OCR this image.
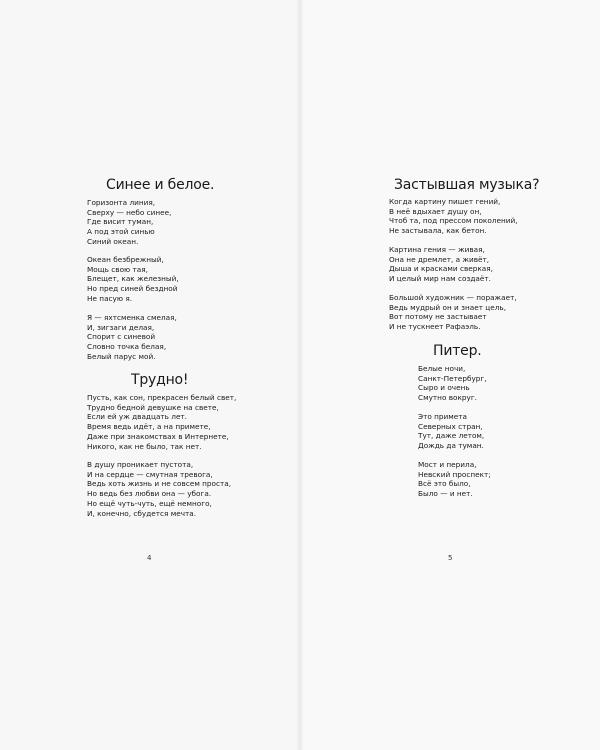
Синее и белое.
Горизонта линия,
Сверху — небо синее,
Где висит туман,
А под этой синью
Синий океан.
Океан безбрежный,
Мощь свою тая,
Блещет, как железный,
Но пред синей бездной
Не пасую я.
Я — яхтсменка смелая,
И, зигзаги делая,
Спорит с синевой
Словно точка белая,
Белый парус мой.
Трудно!
Пусть, как сон, прекрасен белый свет,
Трудно бедной девушке на свете,
Если ей уж двадцать лет.
Время ведь идёт, а на примете,
Даже при знакомствах в Интернете,
Никого, как не было, так нет.
В душу проникает пустота,
И на сердце — смутная тревога,
Ведь хоть жизнь и не совсем проста,
Но ведь без любви она — убога.
Но ещё чуть-чуть, ещё немного,
И, конечно, сбудется мечта.
4
Застывшая музыка?
Когда картину пишет гений,
В неё вдыхает душу он,
Чтоб та, под прессом поколений,
Не застывала, как бетон.
Картина гения — живая,
Она не дремлет, а живёт,
Дыша и красками сверкая,
И целый мир нам создаёт.
Большой художник — поражает,
Ведь мудрый он и знает цель,
Вот потому не застывает
И не тускнеет Рафаэль.
Питер.
Белые ночи,
Санкт-Петербург,
Сыро и очень
Смутно вокруг.
Это примета
Северных стран,
Тут, даже летом,
Дождь да туман.
Мост и перила,
Невский проспект;
Всё это было,
Было — и нет.
5
